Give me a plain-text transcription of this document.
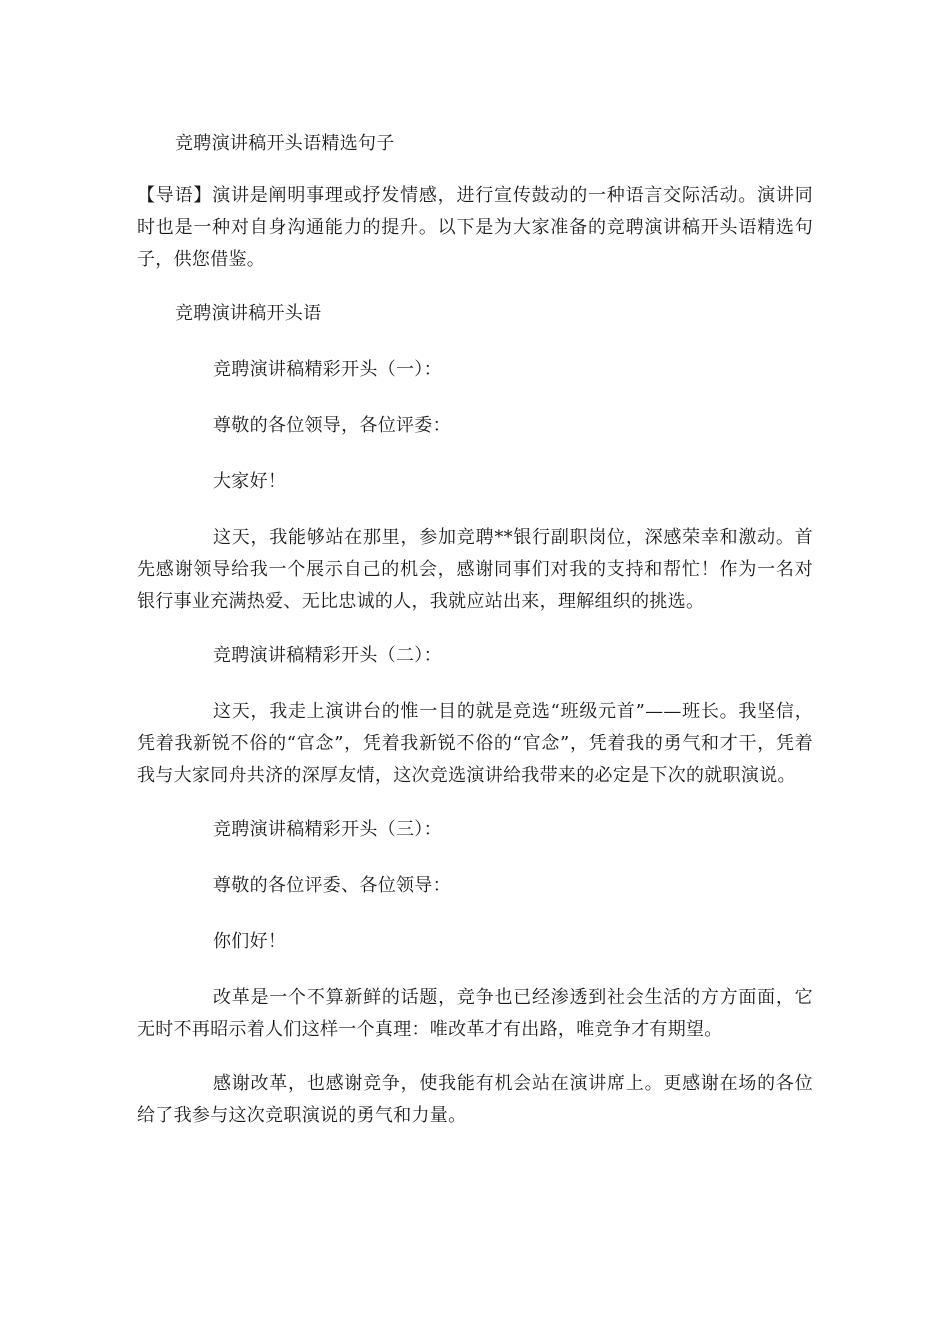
竞聘演讲稿开头语精选句子

【导语】演讲是阐明事理或抒发情感，进行宣传鼓动的一种语言交际活动。演讲同时也是一种对自身沟通能力的提升。以下是为大家准备的竞聘演讲稿开头语精选句子，供您借鉴。

竞聘演讲稿开头语

竞聘演讲稿精彩开头（一）：

尊敬的各位领导，各位评委：

大家好！

这天，我能够站在那里，参加竞聘**银行副职岗位，深感荣幸和激动。首先感谢领导给我一个展示自己的机会，感谢同事们对我的支持和帮忙！作为一名对银行事业充满热爱、无比忠诚的人，我就应站出来，理解组织的挑选。

竞聘演讲稿精彩开头（二）：

这天，我走上演讲台的惟一目的就是竞选“班级元首”——班长。我坚信，凭着我新锐不俗的“官念”，凭着我新锐不俗的“官念”，凭着我的勇气和才干，凭着我与大家同舟共济的深厚友情，这次竞选演讲给我带来的必定是下次的就职演说。

竞聘演讲稿精彩开头（三）：

尊敬的各位评委、各位领导：

你们好！

改革是一个不算新鲜的话题，竞争也已经渗透到社会生活的方方面面，它无时不再昭示着人们这样一个真理：唯改革才有出路，唯竞争才有期望。

感谢改革，也感谢竞争，使我能有机会站在演讲席上。更感谢在场的各位给了我参与这次竞职演说的勇气和力量。
